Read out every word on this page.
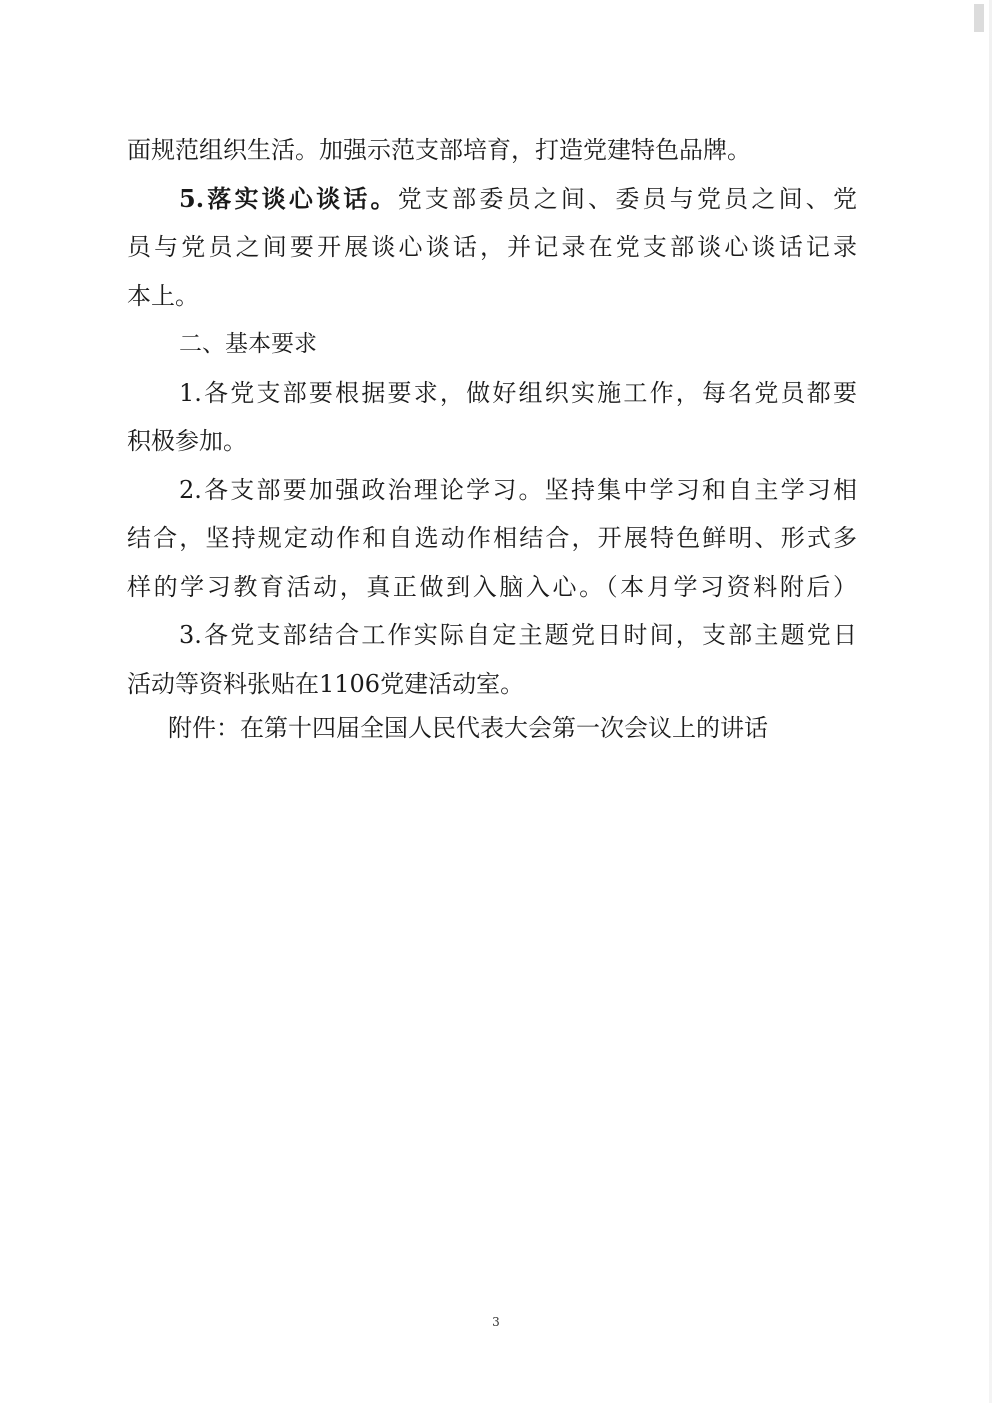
面规范组织生活。加强示范支部培育，打造党建特色品牌。
5.落实谈心谈话。党支部委员之间、委员与党员之间、党
员与党员之间要开展谈心谈话，并记录在党支部谈心谈话记录
本上。
二、基本要求
1.各党支部要根据要求，做好组织实施工作，每名党员都要
积极参加。
2.各支部要加强政治理论学习。坚持集中学习和自主学习相
结合，坚持规定动作和自选动作相结合，开展特色鲜明、形式多
样的学习教育活动，真正做到入脑入心。（本月学习资料附后）
3.各党支部结合工作实际自定主题党日时间，支部主题党日
活动等资料张贴在1106党建活动室。
附件：在第十四届全国人民代表大会第一次会议上的讲话
3
